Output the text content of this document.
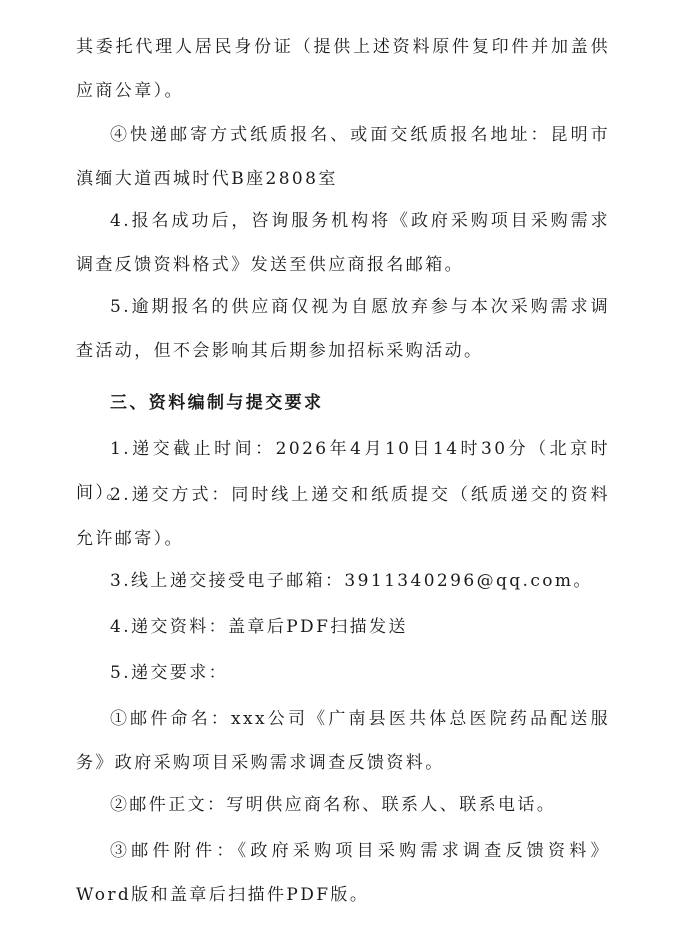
其委托代理人居民身份证（提供上述资料原件复印件并加盖供应商公章）。

④快递邮寄方式纸质报名、或面交纸质报名地址：昆明市滇缅大道西城时代B座2808室

4.报名成功后，咨询服务机构将《政府采购项目采购需求调查反馈资料格式》发送至供应商报名邮箱。

5.逾期报名的供应商仅视为自愿放弃参与本次采购需求调查活动，但不会影响其后期参加招标采购活动。

三、资料编制与提交要求

1.递交截止时间：2026年4月10日14时30分（北京时间）。

2.递交方式：同时线上递交和纸质提交（纸质递交的资料允许邮寄）。

3.线上递交接受电子邮箱：3911340296@qq.com。

4.递交资料：盖章后PDF扫描发送

5.递交要求：

①邮件命名：xxx公司《广南县医共体总医院药品配送服务》政府采购项目采购需求调查反馈资料。

②邮件正文：写明供应商名称、联系人、联系电话。

③邮件附件：《政府采购项目采购需求调查反馈资料》Word版和盖章后扫描件PDF版。
